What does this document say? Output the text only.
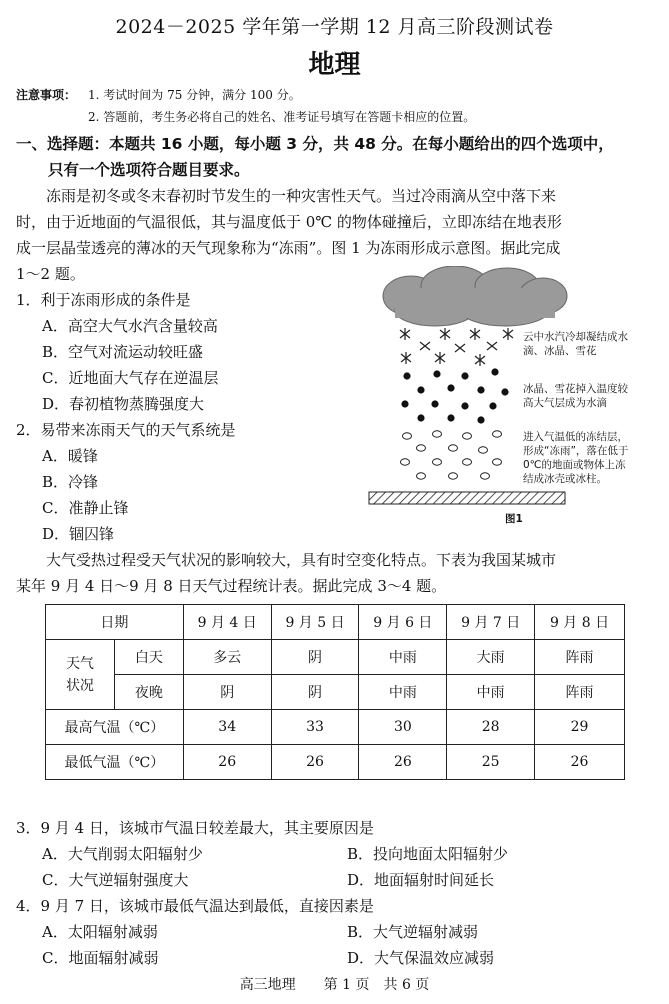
2024－2025 学年第一学期 12 月高三阶段测试卷
地理
注意事项： 1. 考试时间为 75 分钟，满分 100 分。
2. 答题前，考生务必将自己的姓名、准考证号填写在答题卡相应的位置。
一、选择题：本题共 16 小题，每小题 3 分，共 48 分。在每小题给出的四个选项中，
只有一个选项符合题目要求。
冻雨是初冬或冬末春初时节发生的一种灾害性天气。当过冷雨滴从空中落下来
时，由于近地面的气温很低，其与温度低于 0℃ 的物体碰撞后，立即冻结在地表形
成一层晶莹透亮的薄冰的天气现象称为“冻雨”。图 1 为冻雨形成示意图。据此完成
1～2 题。
1．利于冻雨形成的条件是
A．高空大气水汽含量较高
B．空气对流运动较旺盛
C．近地面大气存在逆温层
D．春初植物蒸腾强度大
2．易带来冻雨天气的天气系统是
A．暖锋
B．冷锋
C．准静止锋
D．锢囚锋
云中水汽冷却凝结成水滴、冰晶、雪花
冰晶、雪花掉入温度较高大气层成为水滴
进入气温低的冻结层，形成“冻雨”，落在低于0℃的地面或物体上冻结成冰壳或冰柱。
图1
大气受热过程受天气状况的影响较大，具有时空变化特点。下表为我国某城市
某年 9 月 4 日～9 月 8 日天气过程统计表。据此完成 3～4 题。
日期		9 月 4 日	9 月 5 日	9 月 6 日	9 月 7 日	9 月 8 日
天气
状况	白天	多云	阴	中雨	大雨	阵雨
	夜晚	阴	阴	中雨	中雨	阵雨
最高气温（℃）		34	33	30	28	29
最低气温（℃）		26	26	26	25	26
3．9 月 4 日，该城市气温日较差最大，其主要原因是
A．大气削弱太阳辐射少	B．投向地面太阳辐射少
C．大气逆辐射强度大	D．地面辐射时间延长
4．9 月 7 日，该城市最低气温达到最低，直接因素是
A．太阳辐射减弱	B．大气逆辐射减弱
C．地面辐射减弱	D．大气保温效应减弱
高三地理　　第 1 页　共 6 页
